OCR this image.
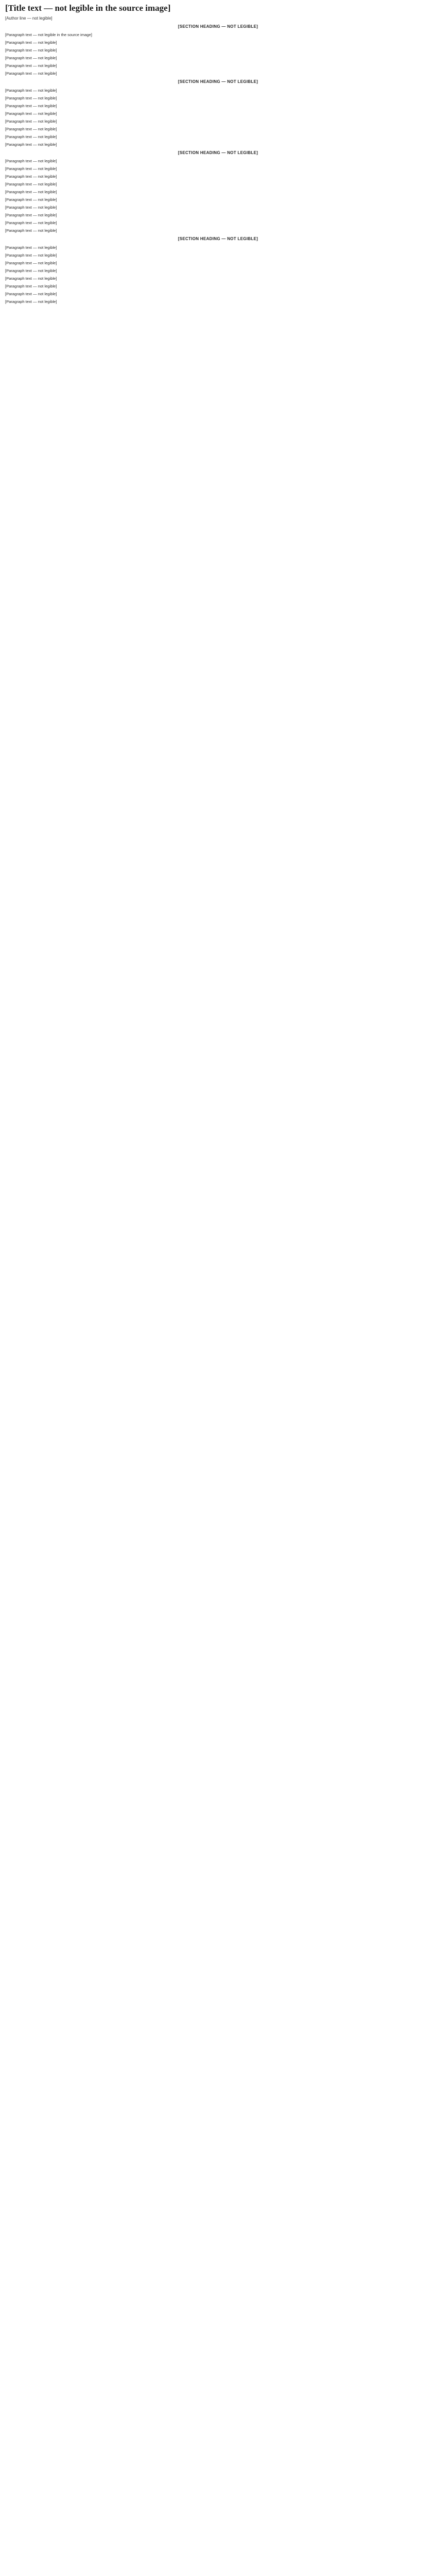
[Title text — not legible in the source image]

[Author line — not legible]

[SECTION HEADING — NOT LEGIBLE]

[Paragraph text — not legible in the source image]

[Paragraph text — not legible]

[Paragraph text — not legible]

[Paragraph text — not legible]

[Paragraph text — not legible]

[Paragraph text — not legible]

[SECTION HEADING — NOT LEGIBLE]

[Paragraph text — not legible]

[Paragraph text — not legible]

[Paragraph text — not legible]

[Paragraph text — not legible]

[Paragraph text — not legible]

[Paragraph text — not legible]

[Paragraph text — not legible]

[Paragraph text — not legible]

[SECTION HEADING — NOT LEGIBLE]

[Paragraph text — not legible]

[Paragraph text — not legible]

[Paragraph text — not legible]

[Paragraph text — not legible]

[Paragraph text — not legible]

[Paragraph text — not legible]

[Paragraph text — not legible]

[Paragraph text — not legible]

[Paragraph text — not legible]

[Paragraph text — not legible]

[SECTION HEADING — NOT LEGIBLE]

[Paragraph text — not legible]

[Paragraph text — not legible]

[Paragraph text — not legible]

[Paragraph text — not legible]

[Paragraph text — not legible]

[Paragraph text — not legible]

[Paragraph text — not legible]

[Paragraph text — not legible]
